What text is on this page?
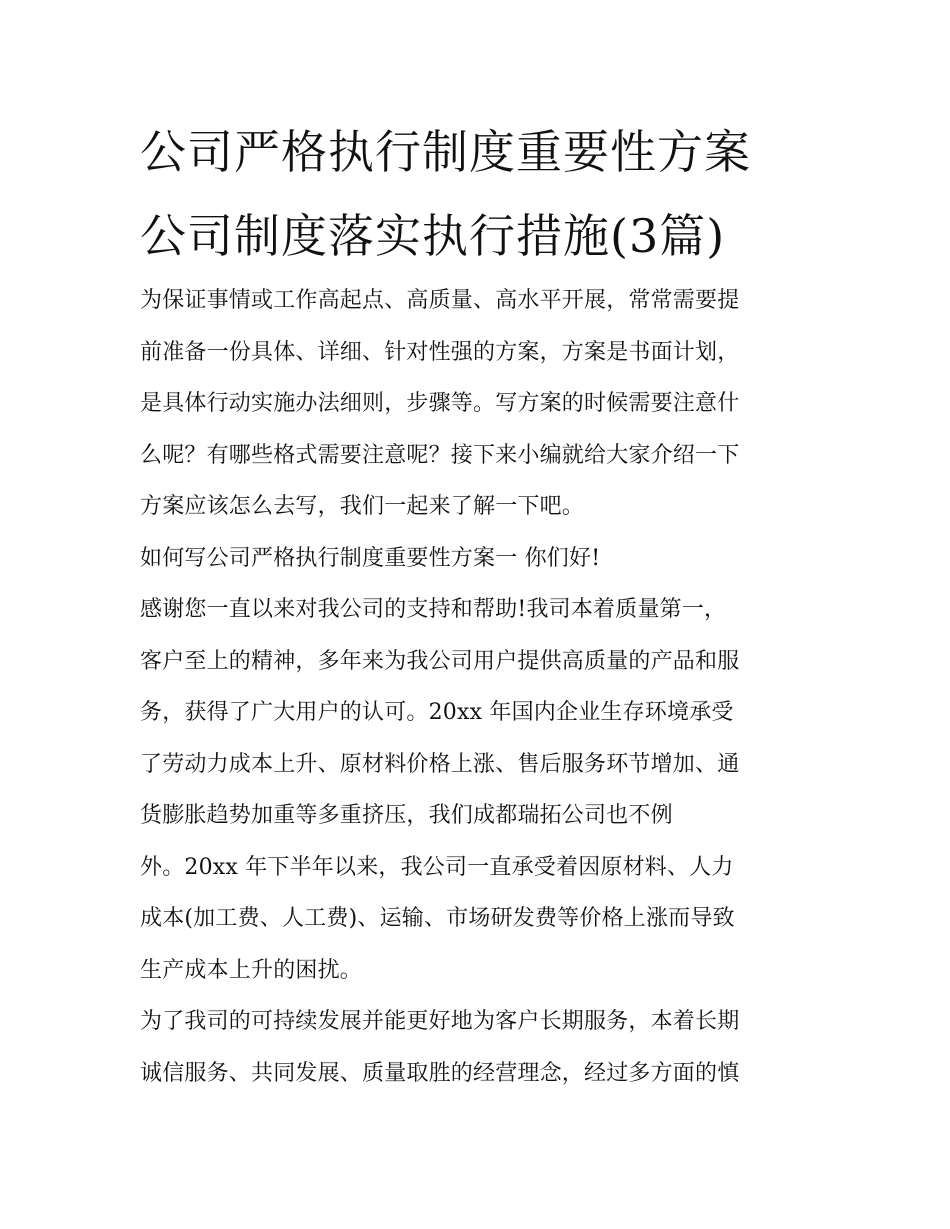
公司严格执行制度重要性方案
公司制度落实执行措施(3篇)
为保证事情或工作高起点、高质量、高水平开展，常常需要提
前准备一份具体、详细、针对性强的方案，方案是书面计划，
是具体行动实施办法细则，步骤等。写方案的时候需要注意什
么呢？有哪些格式需要注意呢？接下来小编就给大家介绍一下
方案应该怎么去写，我们一起来了解一下吧。
如何写公司严格执行制度重要性方案一 你们好!
感谢您一直以来对我公司的支持和帮助!我司本着质量第一，
客户至上的精神，多年来为我公司用户提供高质量的产品和服
务，获得了广大用户的认可。20xx 年国内企业生存环境承受
了劳动力成本上升、原材料价格上涨、售后服务环节增加、通
货膨胀趋势加重等多重挤压，我们成都瑞拓公司也不例
外。20xx 年下半年以来，我公司一直承受着因原材料、人力
成本(加工费、人工费)、运输、市场研发费等价格上涨而导致
生产成本上升的困扰。
为了我司的可持续发展并能更好地为客户长期服务，本着长期
诚信服务、共同发展、质量取胜的经营理念，经过多方面的慎
